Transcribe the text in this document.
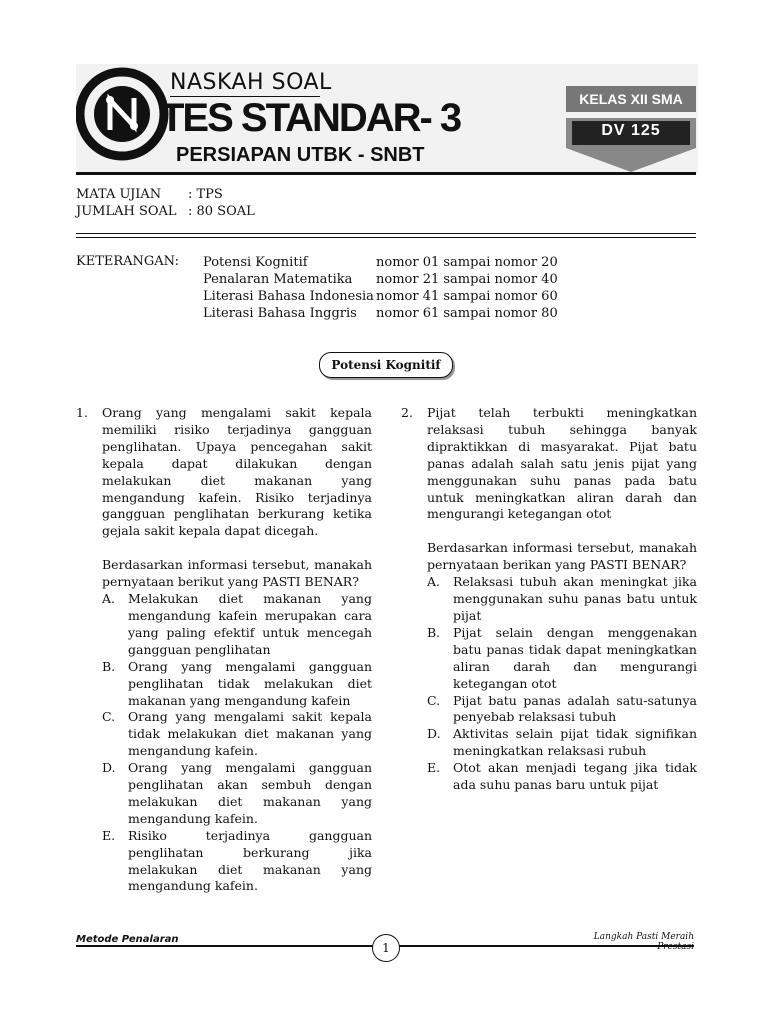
NASKAH SOAL
TES STANDAR- 3
PERSIAPAN UTBK - SNBT
KELAS XII SMA
DV 125
MATA UJIAN	: TPS
JUMLAH SOAL : 80 SOAL
KETERANGAN: Potensi Kognitif	nomor 01 sampai nomor 20
Penalaran Matematika	nomor 21 sampai nomor 40
Literasi Bahasa Indonesia nomor 41 sampai nomor 60
Literasi Bahasa Inggris	nomor 61 sampai nomor 80
Potensi Kognitif
1. Orang yang mengalami sakit kepala memiliki risiko terjadinya gangguan penglihatan. Upaya pencegahan sakit kepala dapat dilakukan dengan melakukan diet makanan yang mengandung kafein. Risiko terjadinya gangguan penglihatan berkurang ketika gejala sakit kepala dapat dicegah.

Berdasarkan informasi tersebut, manakah pernyataan berikut yang PASTI BENAR?

A.	Melakukan diet makanan yang mengandung kafein merupakan cara yang paling efektif untuk mencegah gangguan penglihatan
B.	Orang yang mengalami gangguan penglihatan tidak melakukan diet makanan yang mengandung kafein
C.	Orang yang mengalami sakit kepala tidak melakukan diet makanan yang mengandung kafein.
D. Orang yang mengalami gangguan penglihatan akan sembuh dengan melakukan diet makanan yang mengandung kafein.
E.	Risiko terjadinya gangguan penglihatan berkurang jika melakukan diet makanan yang mengandung kafein.
2. Pijat telah terbukti meningkatkan relaksasi tubuh sehingga banyak dipraktikkan di masyarakat. Pijat batu panas adalah salah satu jenis pijat yang menggunakan suhu panas pada batu untuk meningkatkan aliran darah dan mengurangi ketegangan otot

Berdasarkan informasi tersebut, manakah pernyataan berikan yang PASTI BENAR?

A.	Relaksasi tubuh akan meningkat jika menggunakan suhu panas batu untuk pijat
B.	Pijat selain dengan menggenakan batu panas tidak dapat meningkatkan aliran darah dan mengurangi ketegangan otot
C.	Pijat batu panas adalah satu-satunya penyebab relaksasi tubuh
D. Aktivitas selain pijat tidak signifikan meningkatkan relaksasi rubuh
E.	Otot akan menjadi tegang jika tidak ada suhu panas baru untuk pijat
Metode Penalaran
1
Langkah Pasti Meraih Prestasi
